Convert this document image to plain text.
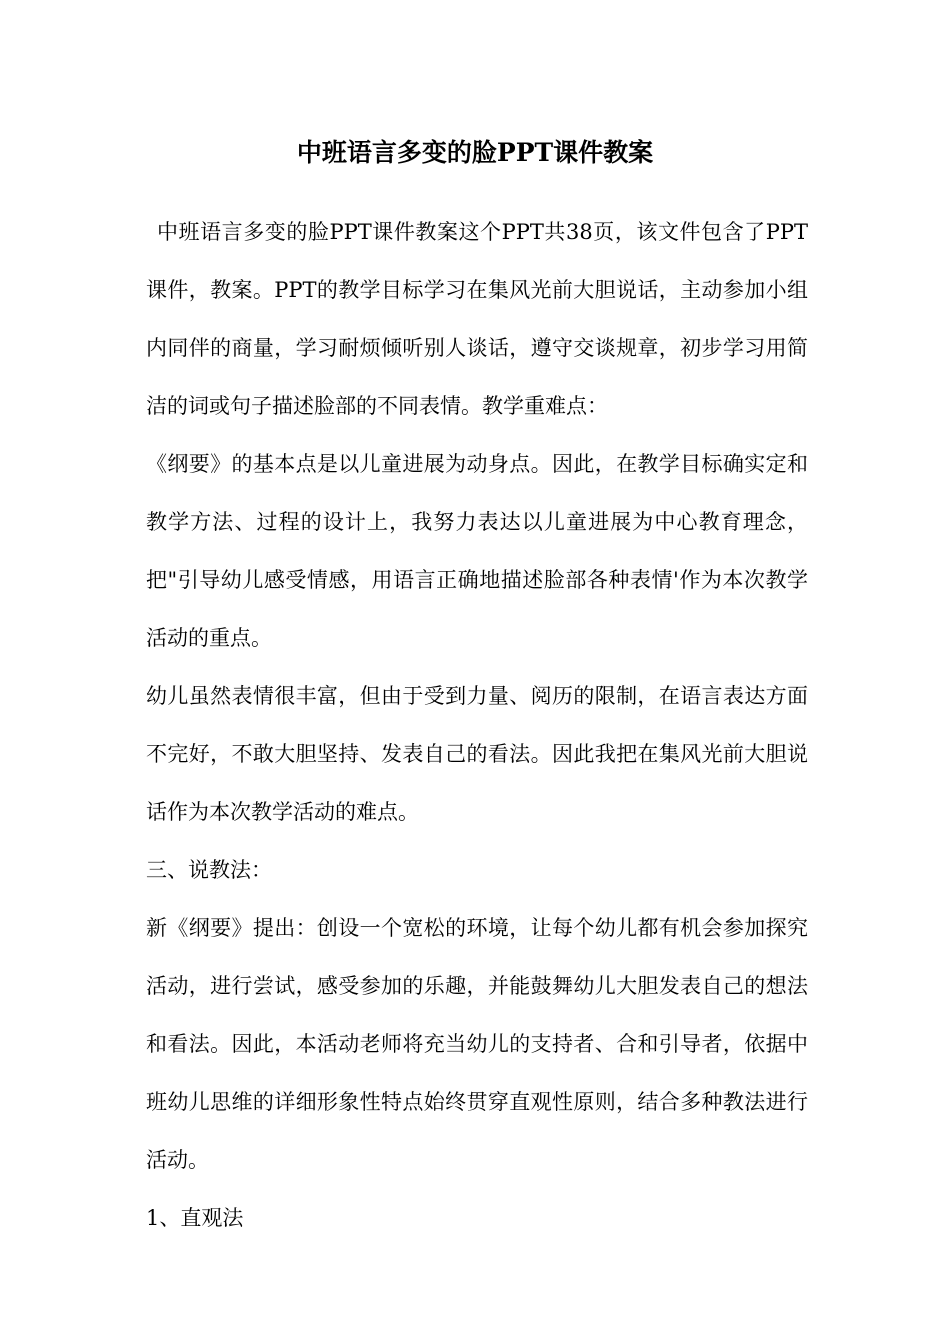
中班语言多变的脸PPT课件教案

中班语言多变的脸PPT课件教案这个PPT共38页，该文件包含了PPT课件，教案。PPT的教学目标学习在集风光前大胆说话，主动参加小组内同伴的商量，学习耐烦倾听别人谈话，遵守交谈规章，初步学习用简洁的词或句子描述脸部的不同表情。教学重难点：

《纲要》的基本点是以儿童进展为动身点。因此，在教学目标确实定和教学方法、过程的设计上，我努力表达以儿童进展为中心教育理念，把"引导幼儿感受情感，用语言正确地描述脸部各种表情'作为本次教学活动的重点。

幼儿虽然表情很丰富，但由于受到力量、阅历的限制，在语言表达方面不完好，不敢大胆坚持、发表自己的看法。因此我把在集风光前大胆说话作为本次教学活动的难点。

三、说教法：

新《纲要》提出：创设一个宽松的环境，让每个幼儿都有机会参加探究活动，进行尝试，感受参加的乐趣，并能鼓舞幼儿大胆发表自己的想法和看法。因此，本活动老师将充当幼儿的支持者、合和引导者，依据中班幼儿思维的详细形象性特点始终贯穿直观性原则，结合多种教法进行活动。

1、直观法
